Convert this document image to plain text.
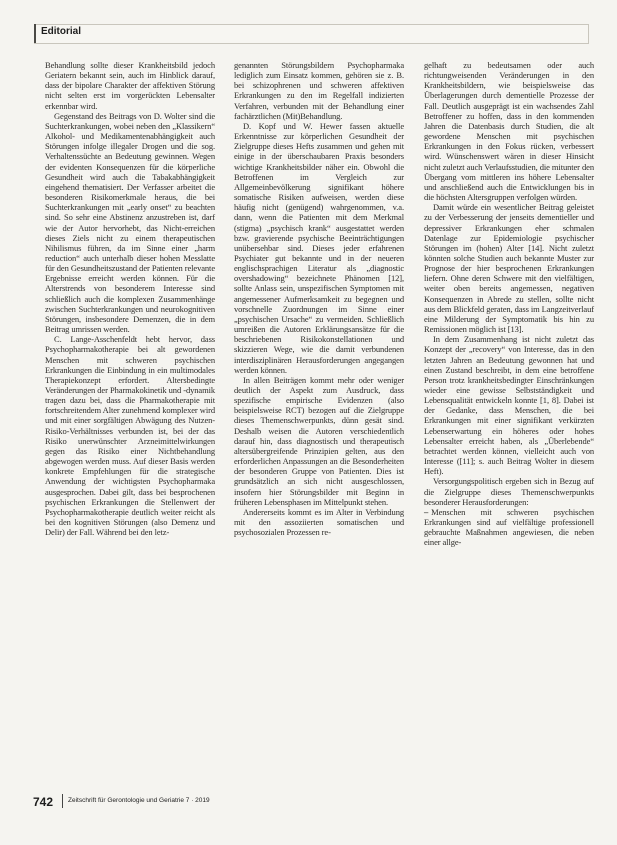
Editorial

Behandlung sollte dieser Krankheitsbild jedoch Geriatern bekannt sein, auch im Hinblick darauf, dass der bipolare Charakter der affektiven Störung nicht selten erst im vorgerückten Lebensalter erkennbar wird.

Gegenstand des Beitrags von D. Wolter sind die Suchterkrankungen, wobei neben den „Klassikern“ Alkohol- und Medikamentenabhängigkeit auch Störungen infolge illegaler Drogen und die sog. Verhaltenssüchte an Bedeutung gewinnen. Wegen der evidenten Konsequenzen für die körperliche Gesundheit wird auch die Tabakabhängigkeit eingehend thematisiert. Der Verfasser arbeitet die besonderen Risikomerkmale heraus, die bei Suchterkrankungen mit „early onset“ zu beachten sind. So sehr eine Abstinenz anzustreben ist, darf wie der Autor hervorhebt, das Nicht-erreichen dieses Ziels nicht zu einem therapeutischen Nihilismus führen, da im Sinne einer „harm reduction“ auch unterhalb dieser hohen Messlatte für den Gesundheitszustand der Patienten relevante Ergebnisse erreicht werden können. Für die Alterstrends von besonderem Interesse sind schließlich auch die komplexen Zusammenhänge zwischen Suchterkrankungen und neurokognitiven Störungen, insbesondere Demenzen, die in dem Beitrag umrissen werden.

C. Lange-Asschenfeldt hebt hervor, dass Psychopharmakotherapie bei alt gewordenen Menschen mit schweren psychischen Erkrankungen die Einbindung in ein multimodales Therapiekonzept erfordert. Altersbedingte Veränderungen der Pharmakokinetik und -dynamik tragen dazu bei, dass die Pharmakotherapie mit fortschreitendem Alter zunehmend komplexer wird und mit einer sorgfältigen Abwägung des Nutzen-Risiko-Verhältnisses verbunden ist, bei der das Risiko unerwünschter Arzneimittelwirkungen gegen das Risiko einer Nichtbehandlung abgewogen werden muss. Auf dieser Basis werden konkrete Empfehlungen für die strategische Anwendung der wichtigsten Psychopharmaka ausgesprochen. Dabei gilt, dass bei besprochenen psychischen Erkrankungen die Stellenwert der Psychopharmakotherapie deutlich weiter reicht als bei den kognitiven Störungen (also Demenz und Delir) der Fall. Während bei den letz-

genannten Störungsbildern Psychopharmaka lediglich zum Einsatz kommen, gehören sie z. B. bei schizophrenen und schweren affektiven Erkrankungen zu den im Regelfall indizierten Verfahren, verbunden mit der Behandlung einer fachärztlichen (Mit)Behandlung.

D. Kopf und W. Hewer fassen aktuelle Erkenntnisse zur körperlichen Gesundheit der Zielgruppe dieses Hefts zusammen und gehen mit einige in der überschaubaren Praxis besonders wichtige Krankheitsbilder näher ein. Obwohl die Betroffenen im Vergleich zur Allgemeinbevölkerung signifikant höhere somatische Risiken aufweisen, werden diese häufig nicht (genügend) wahrgenommen, v.a. dann, wenn die Patienten mit dem Merkmal (stigma) „psychisch krank“ ausgestattet werden bzw. gravierende psychische Beeinträchtigungen unübersehbar sind. Dieses jeder erfahrenen Psychiater gut bekannte und in der neueren englischsprachigen Literatur als „diagnostic overshadowing“ bezeichnete Phänomen [12], sollte Anlass sein, unspezifischen Symptomen mit angemessener Aufmerksamkeit zu begegnen und vorschnelle Zuordnungen im Sinne einer „psychischen Ursache“ zu vermeiden. Schließlich umreißen die Autoren Erklärungsansätze für die beschriebenen Risikokonstellationen und skizzieren Wege, wie die damit verbundenen interdisziplinären Herausforderungen angegangen werden können.

In allen Beiträgen kommt mehr oder weniger deutlich der Aspekt zum Ausdruck, dass spezifische empirische Evidenzen (also beispielsweise RCT) bezogen auf die Zielgruppe dieses Themenschwerpunkts, dünn gesät sind. Deshalb weisen die Autoren verschiedentlich darauf hin, dass diagnostisch und therapeutisch altersübergreifende Prinzipien gelten, aus den erforderlichen Anpassungen an die Besonderheiten der besonderen Gruppe von Patienten. Dies ist grundsätzlich an sich nicht ausgeschlossen, insofern hier Störungsbilder mit Beginn in früheren Lebensphasen im Mittelpunkt stehen.

Andererseits kommt es im Alter in Verbindung mit den assoziierten somatischen und psychosozialen Prozessen re-

gelhaft zu bedeutsamen oder auch richtungweisenden Veränderungen in den Krankheitsbildern, wie beispielsweise das Überlagerungen durch dementielle Prozesse der Fall. Deutlich ausgeprägt ist ein wachsendes Zahl Betroffener zu hoffen, dass in den kommenden Jahren die Datenbasis durch Studien, die alt gewordene Menschen mit psychischen Erkrankungen in den Fokus rücken, verbessert wird. Wünschenswert wären in dieser Hinsicht nicht zuletzt auch Verlaufsstudien, die mitunter den Übergang vom mittleren ins höhere Lebensalter und anschließend auch die Entwicklungen bis in die höchsten Altersgruppen verfolgen würden.

Damit würde ein wesentlicher Beitrag geleistet zu der Verbesserung der jenseits dementieller und depressiver Erkrankungen eher schmalen Datenlage zur Epidemiologie psychischer Störungen im (hohen) Alter [14]. Nicht zuletzt könnten solche Studien auch bekannte Muster zur Prognose der hier besprochenen Erkrankungen liefern. Ohne deren Schwere mit den vielfältigen, weiter oben bereits angemessen, negativen Konsequenzen in Abrede zu stellen, sollte nicht aus dem Blickfeld geraten, dass im Langzeitverlauf eine Milderung der Symptomatik bis hin zu Remissionen möglich ist [13].

In dem Zusammenhang ist nicht zuletzt das Konzept der „recovery“ von Interesse, das in den letzten Jahren an Bedeutung gewonnen hat und einen Zustand beschreibt, in dem eine betroffene Person trotz krankheitsbedingter Einschränkungen wieder eine gewisse Selbstständigkeit und Lebensqualität entwickeln konnte [1, 8]. Dabei ist der Gedanke, dass Menschen, die bei Erkrankungen mit einer signifikant verkürzten Lebenserwartung ein höheres oder hohes Lebensalter erreicht haben, als „Überlebende“ betrachtet werden können, vielleicht auch von Interesse ([11]; s. auch Beitrag Wolter in diesem Heft).

Versorgungspolitisch ergeben sich in Bezug auf die Zielgruppe dieses Themenschwerpunkts besonderer Herausforderungen:

– Menschen mit schweren psychischen Erkrankungen sind auf vielfältige professionell gebrauchte Maßnahmen angewiesen, die neben einer allge-

742 Zeitschrift für Gerontologie und Geriatrie 7 · 2019
